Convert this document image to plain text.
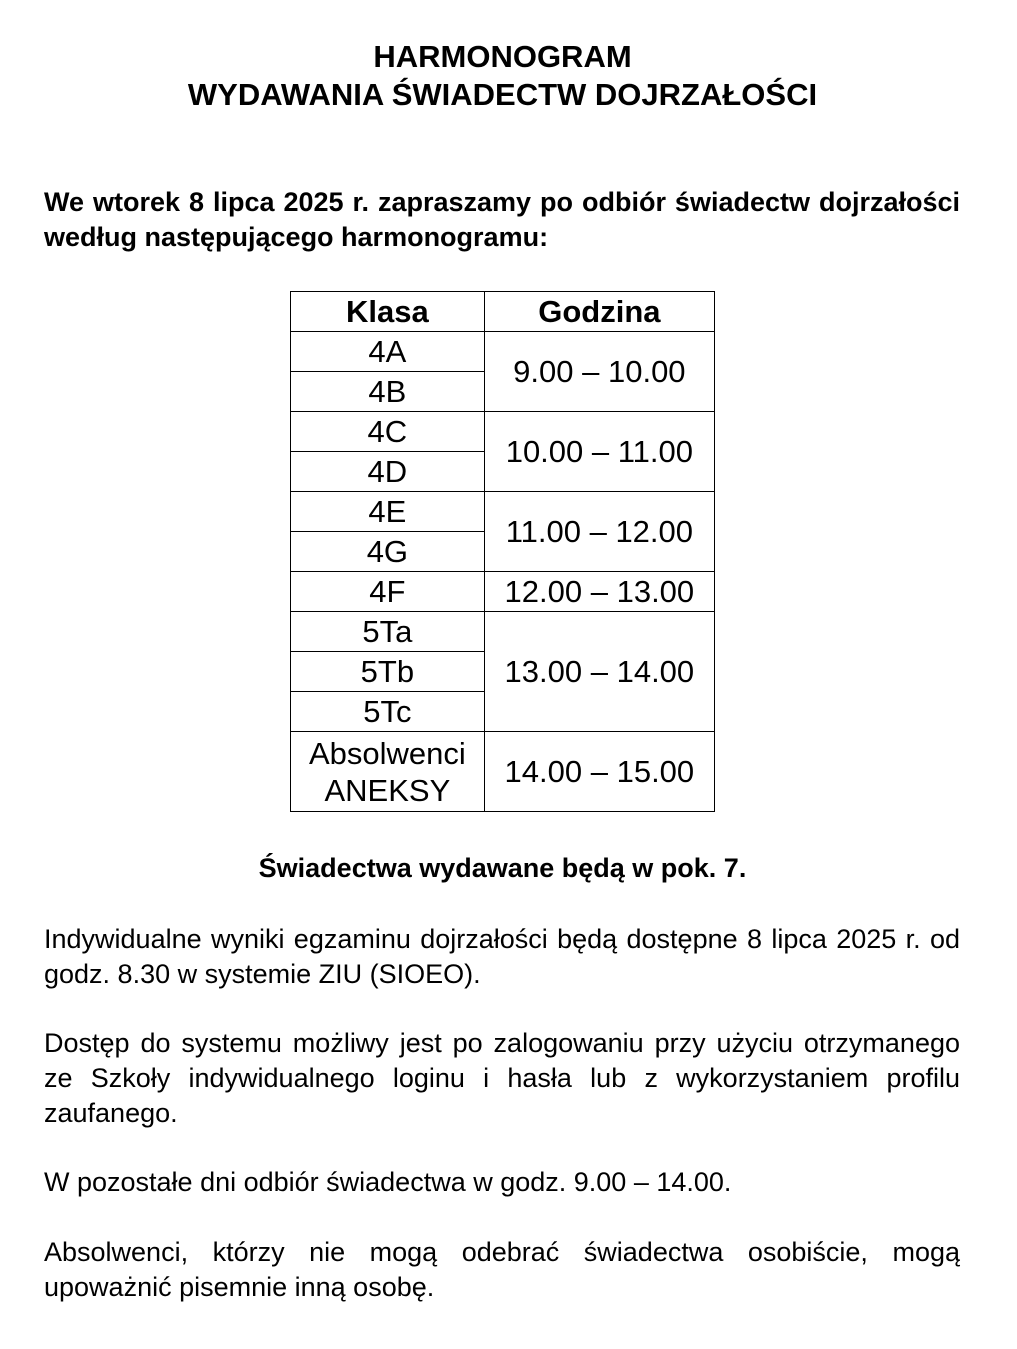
HARMONOGRAM
WYDAWANIA ŚWIADECTW DOJRZAŁOŚCI

We wtorek 8 lipca 2025 r. zapraszamy po odbiór świadectw dojrzałości według następującego harmonogramu:

Klasa	Godzina
4A	9.00 – 10.00
4B	
4C	10.00 – 11.00
4D	
4E	11.00 – 12.00
4G	
4F	12.00 – 13.00
5Ta	13.00 – 14.00
5Tb	
5Tc	

Absolwenci
ANEKSY	14.00 – 15.00

Świadectwa wydawane będą w pok. 7.

Indywidualne wyniki egzaminu dojrzałości będą dostępne 8 lipca 2025 r. od godz. 8.30 w systemie ZIU (SIOEO).

Dostęp do systemu możliwy jest po zalogowaniu przy użyciu otrzymanego ze Szkoły indywidualnego loginu i hasła lub z wykorzystaniem profilu zaufanego.

W pozostałe dni odbiór świadectwa w godz. 9.00 – 14.00.

Absolwenci, którzy nie mogą odebrać świadectwa osobiście, mogą upoważnić pisemnie inną osobę.
